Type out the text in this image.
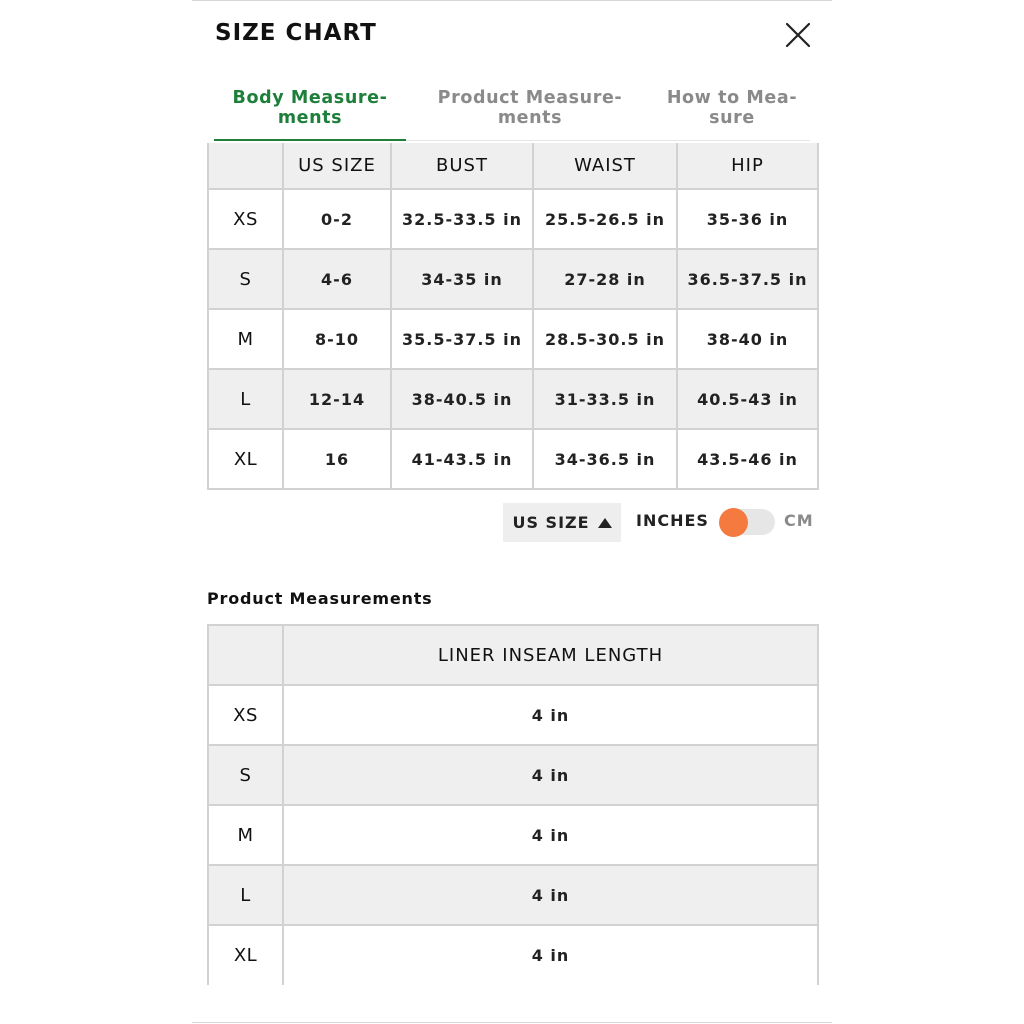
SIZE CHART
Body Measure-
ments
Product Measure-
ments
How to Mea-
sure
	US SIZE	BUST	WAIST	HIP
XS	0-2	32.5-33.5 in	25.5-26.5 in	35-36 in
S	4-6	34-35 in	27-28 in	36.5-37.5 in
M	8-10	35.5-37.5 in	28.5-30.5 in	38-40 in
L	12-14	38-40.5 in	31-33.5 in	40.5-43 in
XL	16	41-43.5 in	34-36.5 in	43.5-46 in
US SIZE	INCHES	CM
Product Measurements
	LINER INSEAM LENGTH
XS	4 in
S	4 in
M	4 in
L	4 in
XL	4 in
